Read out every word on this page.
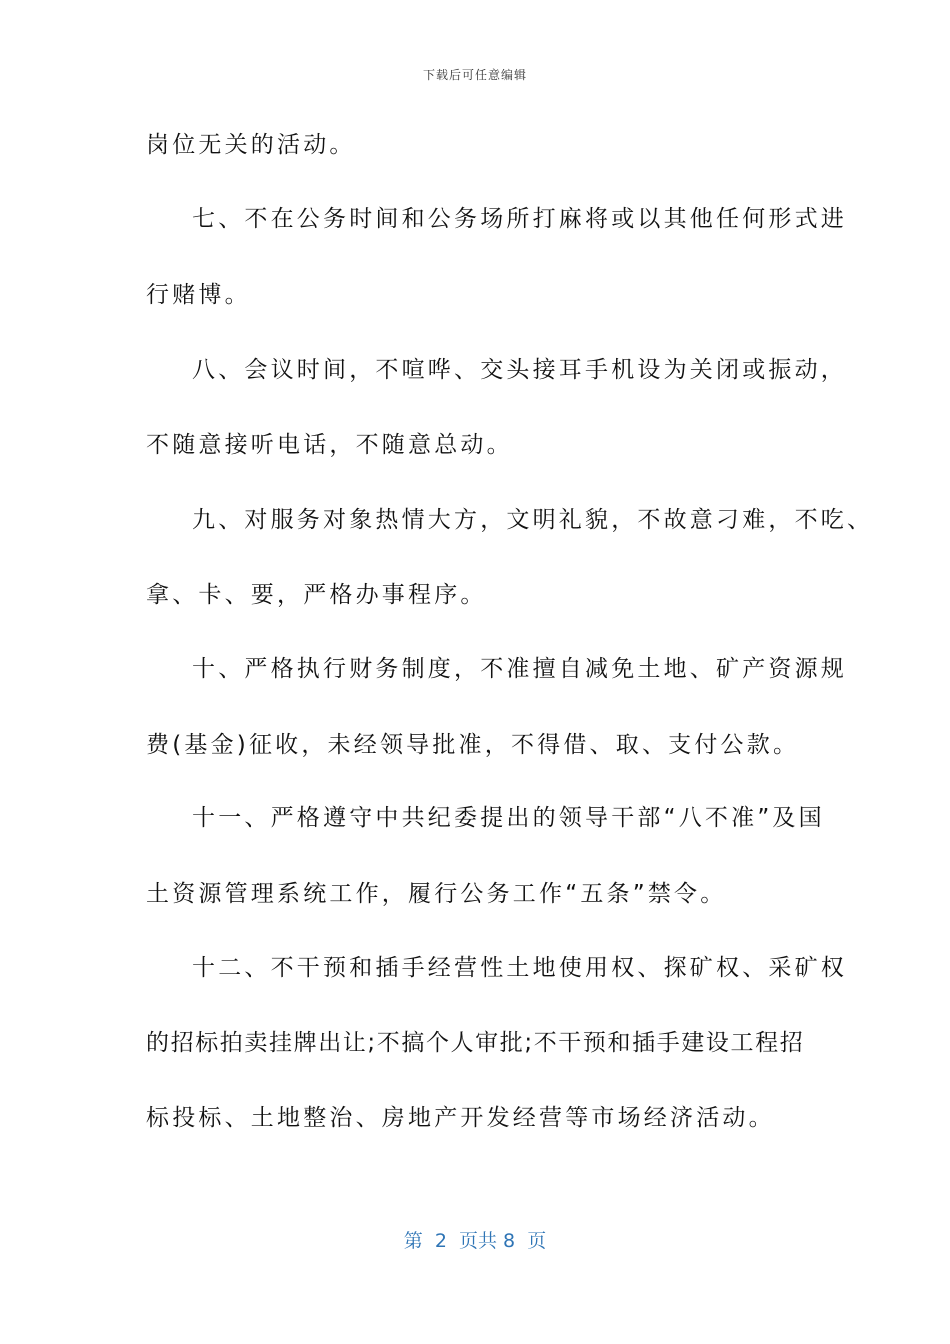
下载后可任意编辑
岗位无关的活动。
七、不在公务时间和公务场所打麻将或以其他任何形式进
行赌博。
八、会议时间，不喧哗、交头接耳手机设为关闭或振动，
不随意接听电话，不随意总动。
九、对服务对象热情大方，文明礼貌，不故意刁难，不吃、
拿、卡、要，严格办事程序。
十、严格执行财务制度，不准擅自减免土地、矿产资源规
费(基金)征收，未经领导批准，不得借、取、支付公款。
十一、严格遵守中共纪委提出的领导干部“八不准”及国
土资源管理系统工作，履行公务工作“五条”禁令。
十二、不干预和插手经营性土地使用权、探矿权、采矿权
的招标拍卖挂牌出让;不搞个人审批;不干预和插手建设工程招
标投标、土地整治、房地产开发经营等市场经济活动。
第  2  页共 8  页
